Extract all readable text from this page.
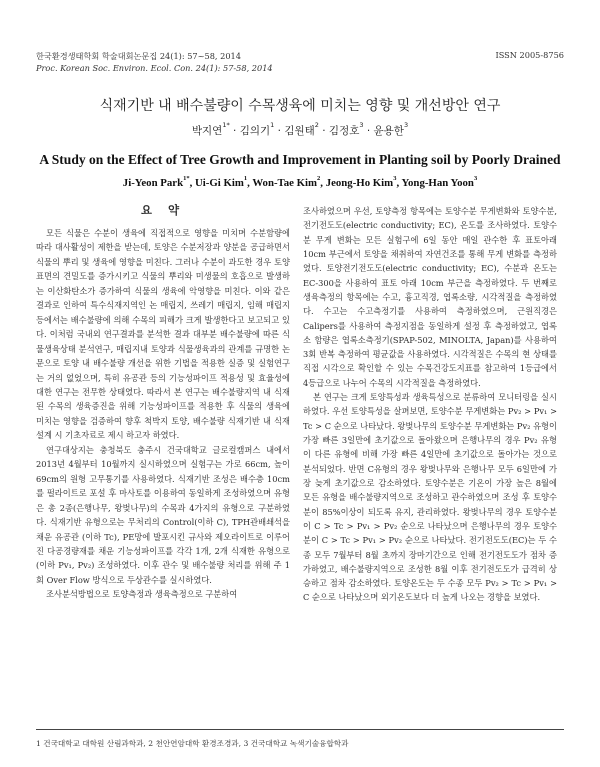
한국환경생태학회 학술대회논문집 24(1): 57~58, 2014
Proc. Korean Soc. Environ. Ecol. Con. 24(1): 57-58, 2014
ISSN 2005-8756
식재기반 내 배수불량이 수목생육에 미치는 영향 및 개선방안 연구
박지연$^{1*}$ · 김의기$^1$ · 김원태$^2$ · 김정호$^3$ · 윤용한$^3$
A Study on the Effect of Tree Growth and Improvement in Planting soil by Poorly Drained
Ji-Yeon Park$^{1*}$, Ui-Gi Kim$^1$, Won-Tae Kim$^2$, Jeong-Ho Kim$^3$, Yong-Han Yoon$^3$
요 약

모든 식물은 수분이 생육에 직접적으로 영향을 미치며 수분함량에 따라 대사활성이 제한을 받는데, 토양은 수분저장과 양분을 공급하면서 식물의 뿌리 및 생육에 영향을 미친다. 그러나 수분이 과도한 경우 토양표면의 견밀도를 증가시키고 식물의 뿌리와 미생물의 호흡으로 발생하는 이산화탄소가 증가하여 식물의 생육에 악영향을 미친다. 이와 같은 결과로 인하여 특수식재지역인 논 매립지, 쓰레기 매립지, 임해 매립지 등에서는 배수불량에 의해 수목의 피해가 크게 발생한다고 보고되고 있다. 이처럼 국내외 연구결과를 분석한 결과 대부분 배수불량에 따른 식물생육상태 분석연구, 매립지내 토양과 식물생육과의 관계를 규명한 논문으로 토양 내 배수불량 개선을 위한 기법을 적용한 실증 및 실험연구는 거의 없었으며, 특히 유공관 등의 기능성파이프 적용성 및 효율성에 대한 연구는 전무한 상태였다. 따라서 본 연구는 배수불량지역 내 식재된 수목의 생육증진을 위해 기능성파이프를 적용한 후 식물의 생육에 미치는 영향을 검증하여 향후 척박지 토양, 배수불량 식재기반 내 식재설계 시 기초자료로 제시 하고자 하였다.

연구대상지는 충청북도 충주시 건국대학교 글로컬캠퍼스 내에서 2013년 4월부터 10월까지 실시하였으며 실험구는 가로 66cm, 높이 69cm의 원형 고무통기를 사용하였다. 식재기반 조성은 배수층 10cm를 펄라이트로 포설 후 마사토를 이용하여 동일하게 조성하였으며 유형은 총 2종(은행나무, 왕벚나무)의 수목과 4가지의 유형으로 구분하였다. 식재기반 유형으로는 무처리의 Control(이하 C), TPH관배쇄석을 채운 유공관 (이하 Tc), PE망에 발포시킨 규사와 제오라이트로 이루어진 다공경량재를 채운 기능성파이프를 각각 1개, 2개 식재한 유형으로 (이하 Pv₁, Pv₂) 조성하였다. 이후 관수 및 배수불량 처리를 위해 주 1회 Over Flow 방식으로 두상관수를 실시하였다.

조사분석방법으로 토양측정과 생육측정으로 구분하여

조사하였으며 우선, 토양측정 항목에는 토양수분 무게변화와 토양수분, 전기전도도(electric conductivity; EC), 온도를 조사하였다. 토양수분 무게 변화는 모든 실험구에 6일 동안 매일 관수한 후 표토아래 10cm 부근에서 토양을 채취하여 자연건조를 통해 무게 변화를 측정하였다. 토양전기전도도(electric conductivity; EC), 수분과 온도는 EC-300을 사용하여 표토 아래 10cm 부근을 측정하였다. 두 번째로 생육측정의 항목에는 수고, 흉고직경, 엽록소량, 시각적질을 측정하였다. 수고는 수고측정기를 사용하여 측정하였으며, 근원직경은 Calipers를 사용하여 측정지점을 동일하게 설정 후 측정하였고, 엽록소 함량은 엽록소측정기(SPAP-502, MINOLTA, Japan)를 사용하여 3회 반복 측정하여 평균값을 사용하였다. 시각적질은 수목의 현 상태를 직접 시각으로 확인할 수 있는 수목건강도지표를 참고하여 1등급에서 4등급으로 나누어 수목의 시각적질을 측정하였다.

본 연구는 크게 토양특성과 생육특성으로 분류하여 모니터링을 실시하였다. 우선 토양특성을 살펴보면, 토양수분 무게변화는 Pv₂ > Pv₁ > Tc > C 순으로 나타났다. 왕벚나무의 토양수분 무게변화는 Pv₂ 유형이 가장 빠른 3일만에 초기값으로 돌아왔으며 은행나무의 경우 Pv₂ 유형이 다른 유형에 비해 가장 빠른 4일만에 초기값으로 돌아가는 것으로 분석되었다. 반면 C유형의 경우 왕벚나무와 은행나무 모두 6일만에 가장 늦게 초기값으로 감소하였다. 토양수분은 기온이 가장 높은 8월에 모든 유형을 배수불량지역으로 조성하고 관수하였으며 조성 후 토양수분이 85%이상이 되도록 유지, 관리하였다. 왕벚나무의 경우 토양수분이 C > Tc > Pv₁ > Pv₂ 순으로 나타났으며 은행나무의 경우 토양수분이 C > Tc > Pv₁ > Pv₂ 순으로 나타났다. 전기전도도(EC)는 두 수종 모두 7월부터 8월 초까지 장마기간으로 인해 전기전도도가 점차 증가하였고, 배수불량지역으로 조성한 8월 이후 전기전도도가 급격히 상승하고 점차 감소하였다. 토양온도는 두 수종 모두 Pv₂ > Tc > Pv₁ > C 순으로 나타났으며 외기온도보다 더 높게 나오는 경향을 보였다.

1 건국대학교 대학원 산림과학과, 2 천안연암대학 환경조경과, 3 건국대학교 녹색기술융합학과
